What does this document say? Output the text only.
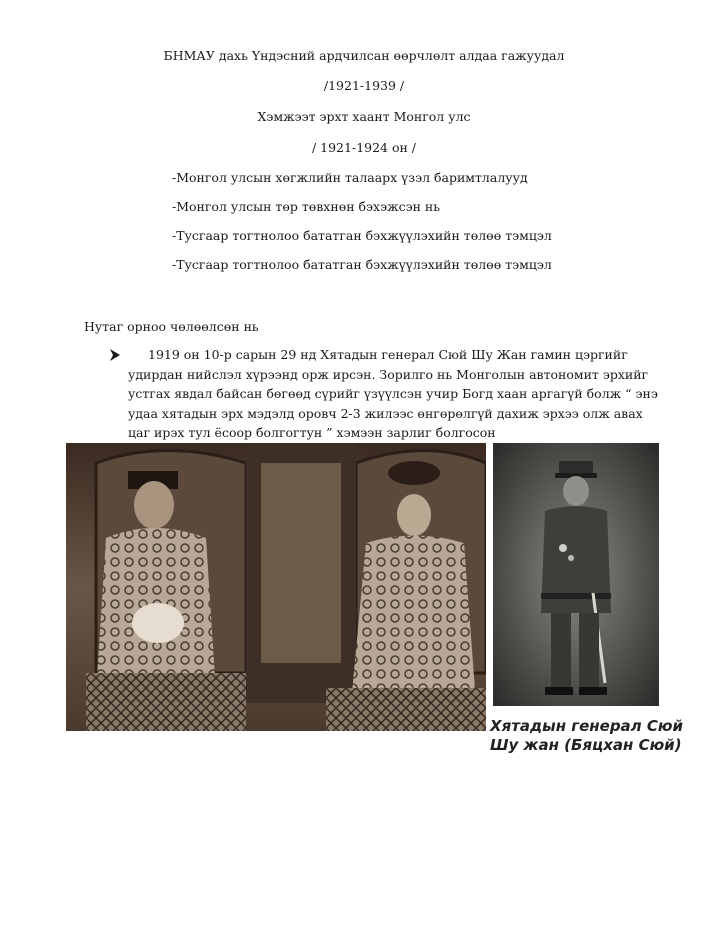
БНМАУ дахь Үндэсний ардчилсан өөрчлөлт алдаа гажуудал
/1921-1939 /
Хэмжээт эрхт хаант Монгол улс
/ 1921-1924 он /
-Монгол улсын хөгжлийн талаарх үзэл баримтлалууд
-Монгол улсын төр төвхнөн бэхэжсэн нь
-Тусгаар тогтнолоо бататган бэхжүүлэхийн төлөө тэмцэл
-Тусгаар тогтнолоо бататган бэхжүүлэхийн төлөө тэмцэл
Нутаг орноо чөлөөлсөн нь
1919 он 10-р сарын 29 нд Хятадын генерал Сюй Шу Жан гамин цэргийг удирдан нийслэл хүрээнд орж ирсэн. Зорилго нь Монголын автономит эрхийг устгах явдал байсан бөгөөд сүрийг үзүүлсэн учир Богд хаан аргагүй болж “ энэ удаа хятадын эрх мэдэлд оровч 2-3 жилээс өнгөрөлгүй дахиж эрхээ олж авах цаг ирэх тул ёсоор болгогтун ” хэмээн зарлиг болгосон
Хятадын генерал Сюй
Шу жан (Бяцхан Сюй)
